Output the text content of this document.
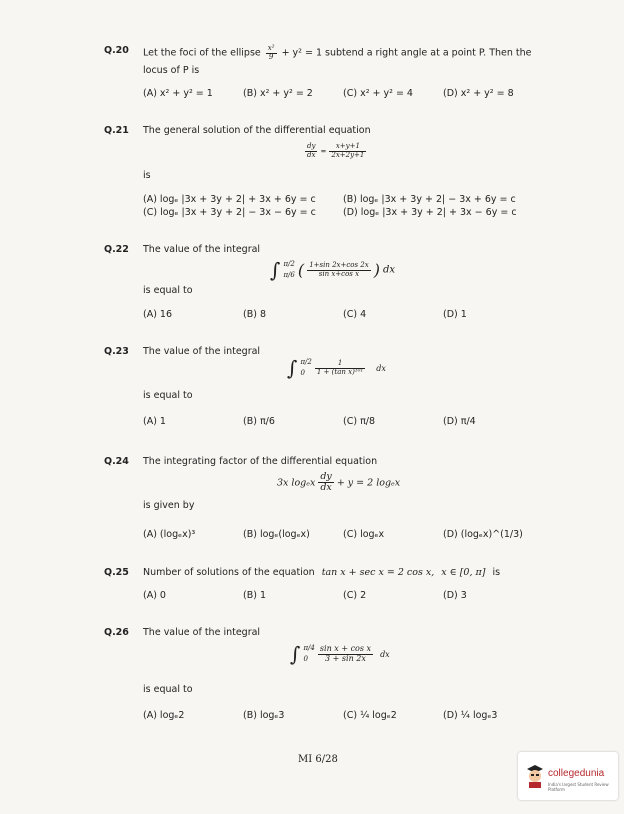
Q.20 Let the foci of the ellipse $\frac{\text{x²}}{9} + y^2 = 1$ subtend a right angle at a point P. Then the
locus of P is
(A) x² + y² = 1	(B) x² + y² = 2	(C) x² + y² = 4	(D) x² + y² = 8
Q.21 The general solution of the differential equation
$\frac{dy}{dx} = \frac{x+y+1}{2x+2y+1}$
is
(A) logₑ |3x + 3y + 2| + 3x + 6y = c	(B) logₑ |3x + 3y + 2| − 3x + 6y = c
(C) logₑ |3x + 3y + 2| − 3x − 6y = c	(D) logₑ |3x + 3y + 2| + 3x − 6y = c
Q.22 The value of the integral
∫ π/2
π/6 ( $\frac{1+\sin 2x+\cos 2x}{\text{sin x+cos x}}$ ) dx
is equal to
(A) 16	(B) 8	(C) 4	(D) 1
Q.23 The value of the integral
∫ π/2
0
	$\frac{1}{\text{1 + (tan x)¹⁰¹}}$ dx
is equal to
(A) 1	(B) π/6	(C) π/8	(D) π/4
Q.24 The integrating factor of the differential equation
3x logₑx $\frac{dy}{dx} + y = 2$ logₑx
is given by
(A) (logₑx)³	(B) logₑ(logₑx)	(C) logₑx	(D) (logₑx)^(1/3)
Q.25 Number of solutions of the equation tan x + sec x = 2 cos x, x ∈ [0, π] is
(A) 0	(B) 1	(C) 2	(D) 3
Q.26 The value of the integral
∫ π/4
0
	$\frac{\text{sin x + cos x}}{3 + \sin 2x}$ dx
is equal to
(A) logₑ2	(B) logₑ3	(C) ¼ logₑ2	(D) ¼ logₑ3
MI 6/28
collegedunia
India's largest Student Review Platform
